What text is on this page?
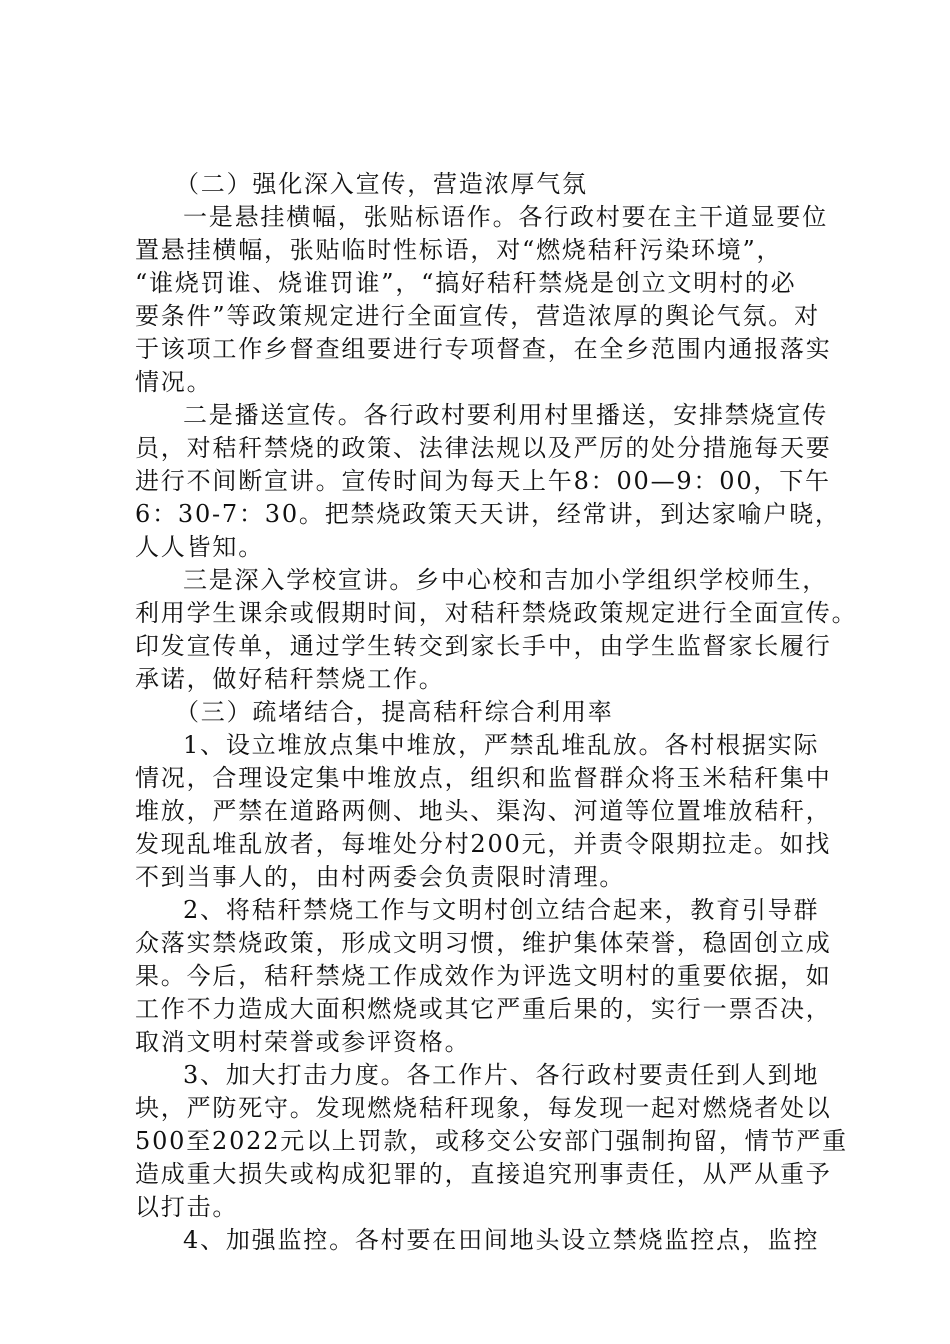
（二）强化深入宣传，营造浓厚气氛
一是悬挂横幅，张贴标语作。各行政村要在主干道显要位
置悬挂横幅，张贴临时性标语，对“燃烧秸秆污染环境”，
“谁烧罚谁、烧谁罚谁”，“搞好秸秆禁烧是创立文明村的必
要条件”等政策规定进行全面宣传，营造浓厚的舆论气氛。对
于该项工作乡督查组要进行专项督查，在全乡范围内通报落实
情况。
二是播送宣传。各行政村要利用村里播送，安排禁烧宣传
员，对秸秆禁烧的政策、法律法规以及严厉的处分措施每天要
进行不间断宣讲。宣传时间为每天上午8：00—9：00，下午
6：30-7：30。把禁烧政策天天讲，经常讲，到达家喻户晓，
人人皆知。
三是深入学校宣讲。乡中心校和吉加小学组织学校师生，
利用学生课余或假期时间，对秸秆禁烧政策规定进行全面宣传。
印发宣传单，通过学生转交到家长手中，由学生监督家长履行
承诺，做好秸秆禁烧工作。
（三）疏堵结合，提高秸秆综合利用率
1、设立堆放点集中堆放，严禁乱堆乱放。各村根据实际
情况，合理设定集中堆放点，组织和监督群众将玉米秸秆集中
堆放，严禁在道路两侧、地头、渠沟、河道等位置堆放秸秆，
发现乱堆乱放者，每堆处分村200元，并责令限期拉走。如找
不到当事人的，由村两委会负责限时清理。
2、将秸秆禁烧工作与文明村创立结合起来，教育引导群
众落实禁烧政策，形成文明习惯，维护集体荣誉，稳固创立成
果。今后，秸秆禁烧工作成效作为评选文明村的重要依据，如
工作不力造成大面积燃烧或其它严重后果的，实行一票否决，
取消文明村荣誉或参评资格。
3、加大打击力度。各工作片、各行政村要责任到人到地
块，严防死守。发现燃烧秸秆现象，每发现一起对燃烧者处以
500至2022元以上罚款，或移交公安部门强制拘留，情节严重
造成重大损失或构成犯罪的，直接追究刑事责任，从严从重予
以打击。
4、加强监控。各村要在田间地头设立禁烧监控点，监控
